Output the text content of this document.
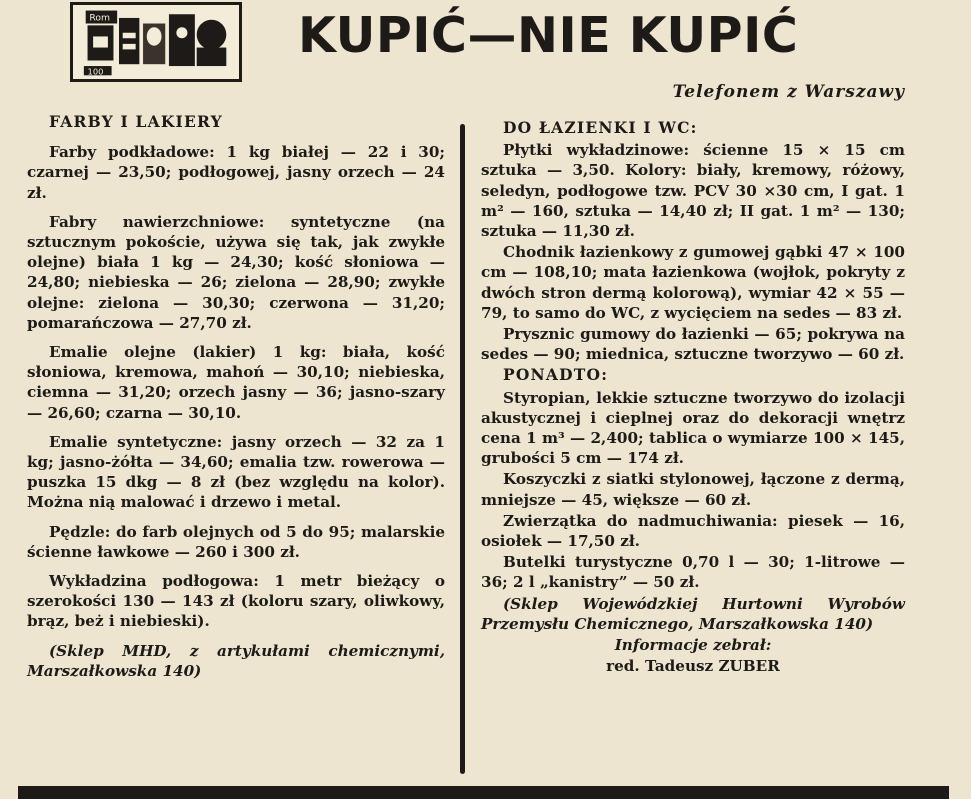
Rom
100
KUPIĆ—NIE KUPIĆ
Telefonem z Warszawy
FARBY I LAKIERY

Farby podkładowe: 1 kg białej — 22 i 30; czarnej — 23,50; podłogowej, jasny orzech — 24 zł.

Fabry nawierzchniowe: syntetyczne (na sztucznym pokoście, używa się tak, jak zwykłe olejne) biała 1 kg — 24,30; kość słoniowa — 24,80; niebieska — 26; zielona — 28,90; zwykłe olejne: zielona — 30,30; czerwona — 31,20; pomarańczowa — 27,70 zł.

Emalie olejne (lakier) 1 kg: biała, kość słoniowa, kremowa, mahoń — 30,10; niebieska, ciemna — 31,20; orzech jasny — 36; jasno-szary — 26,60; czarna — 30,10.

Emalie syntetyczne: jasny orzech — 32 za 1 kg; jasno-żółta — 34,60; emalia tzw. rowerowa — puszka 15 dkg — 8 zł (bez względu na kolor). Można nią malować i drzewo i metal.

Pędzle: do farb olejnych od 5 do 95; malarskie ścienne ławkowe — 260 i 300 zł.

Wykładzina podłogowa: 1 metr bieżący o szerokości 130 — 143 zł (koloru szary, oliwkowy, brąz, beż i niebieski).

(Sklep MHD, z artykułami chemicznymi, Marszałkowska 140)

DO ŁAZIENKI I WC:

Płytki wykładzinowe: ścienne 15 × 15 cm sztuka — 3,50. Kolory: biały, kremowy, różowy, seledyn, podłogowe tzw. PCV 30 ×30 cm, I gat. 1 m² — 160, sztuka — 14,40 zł; II gat. 1 m² — 130; sztuka — 11,30 zł.

Chodnik łazienkowy z gumowej gąbki 47 × 100 cm — 108,10; mata łazienkowa (wojłok, pokryty z dwóch stron dermą kolorową), wymiar 42 × 55 — 79, to samo do WC, z wycięciem na sedes — 83 zł.

Prysznic gumowy do łazienki — 65; pokrywa na sedes — 90; miednica, sztuczne tworzywo — 60 zł.

PONADTO:

Styropian, lekkie sztuczne tworzywo do izolacji akustycznej i cieplnej oraz do dekoracji wnętrz cena 1 m³ — 2,400; tablica o wymiarze 100 × 145, grubości 5 cm — 174 zł.

Koszyczki z siatki stylonowej, łączone z dermą, mniejsze — 45, większe — 60 zł.

Zwierzątka do nadmuchiwania: piesek — 16, osiołek — 17,50 zł.

Butelki turystyczne 0,70 l — 30; 1-litrowe — 36; 2 l „kanistry” — 50 zł.

(Sklep Wojewódzkiej Hurtowni Wyrobów Przemysłu Chemicznego, Marszałkowska 140)

Informacje zebrał:

red. Tadeusz ZUBER
